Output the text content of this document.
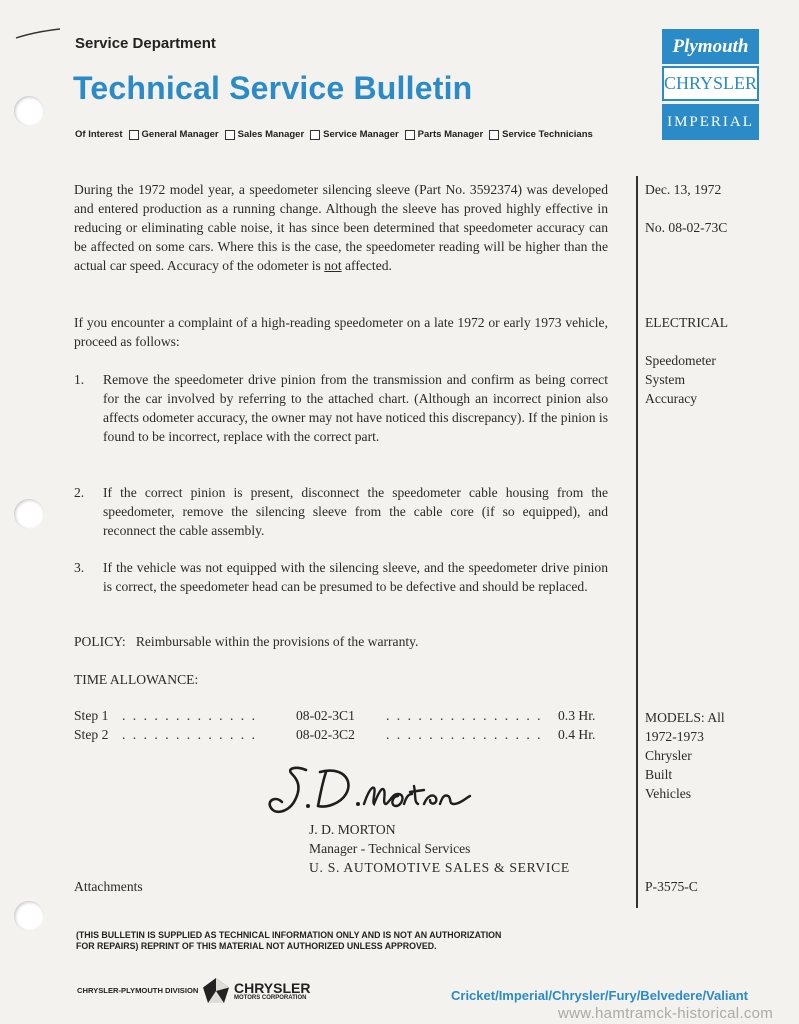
Service Department
Technical Service Bulletin
Of Interest General Manager Sales Manager Service Manager Parts Manager Service Technicians
Plymouth
CHRYSLER
IMPERIAL
During the 1972 model year, a speedometer silencing sleeve (Part No. 3592374) was developed and entered production as a running change. Although the sleeve has proved highly effective in reducing or eliminating cable noise, it has since been determined that speedometer accuracy can be affected on some cars. Where this is the case, the speedometer reading will be higher than the actual car speed. Accuracy of the odometer is not affected.
If you encounter a complaint of a high-reading speedometer on a late 1972 or early 1973 vehicle, proceed as follows:
1. Remove the speedometer drive pinion from the transmission and confirm as being correct for the car involved by referring to the attached chart. (Although an incorrect pinion also affects odometer accuracy, the owner may not have noticed this discrepancy). If the pinion is found to be incorrect, replace with the correct part.
2. If the correct pinion is present, disconnect the speedometer cable housing from the speedometer, remove the silencing sleeve from the cable core (if so equipped), and reconnect the cable assembly.
3. If the vehicle was not equipped with the silencing sleeve, and the speedometer drive pinion is correct, the speedometer head can be presumed to be defective and should be replaced.
POLICY:   Reimbursable within the provisions of the warranty.
TIME ALLOWANCE:
Step 1 . . . . . . . . . . . . .	08-02-3C1 . . . . . . . . . . . . . . . 0.3 Hr.
Step 2 . . . . . . . . . . . . .	08-02-3C2 . . . . . . . . . . . . . . . 0.4 Hr.
J. D. MORTON
Manager - Technical Services
U. S. AUTOMOTIVE SALES & SERVICE
Attachments
Dec. 13, 1972
No. 08-02-73C
ELECTRICAL
Speedometer
System
Accuracy
MODELS: All
1972-1973
Chrysler
Built
Vehicles
P-3575-C
(THIS BULLETIN IS SUPPLIED AS TECHNICAL INFORMATION ONLY AND IS NOT AN AUTHORIZATION
FOR REPAIRS) REPRINT OF THIS MATERIAL NOT AUTHORIZED UNLESS APPROVED.
CHRYSLER-PLYMOUTH DIVISION	CHRYSLER
MOTORS CORPORATION	Cricket/Imperial/Chrysler/Fury/Belvedere/Valiant
www.hamtramck-historical.com
